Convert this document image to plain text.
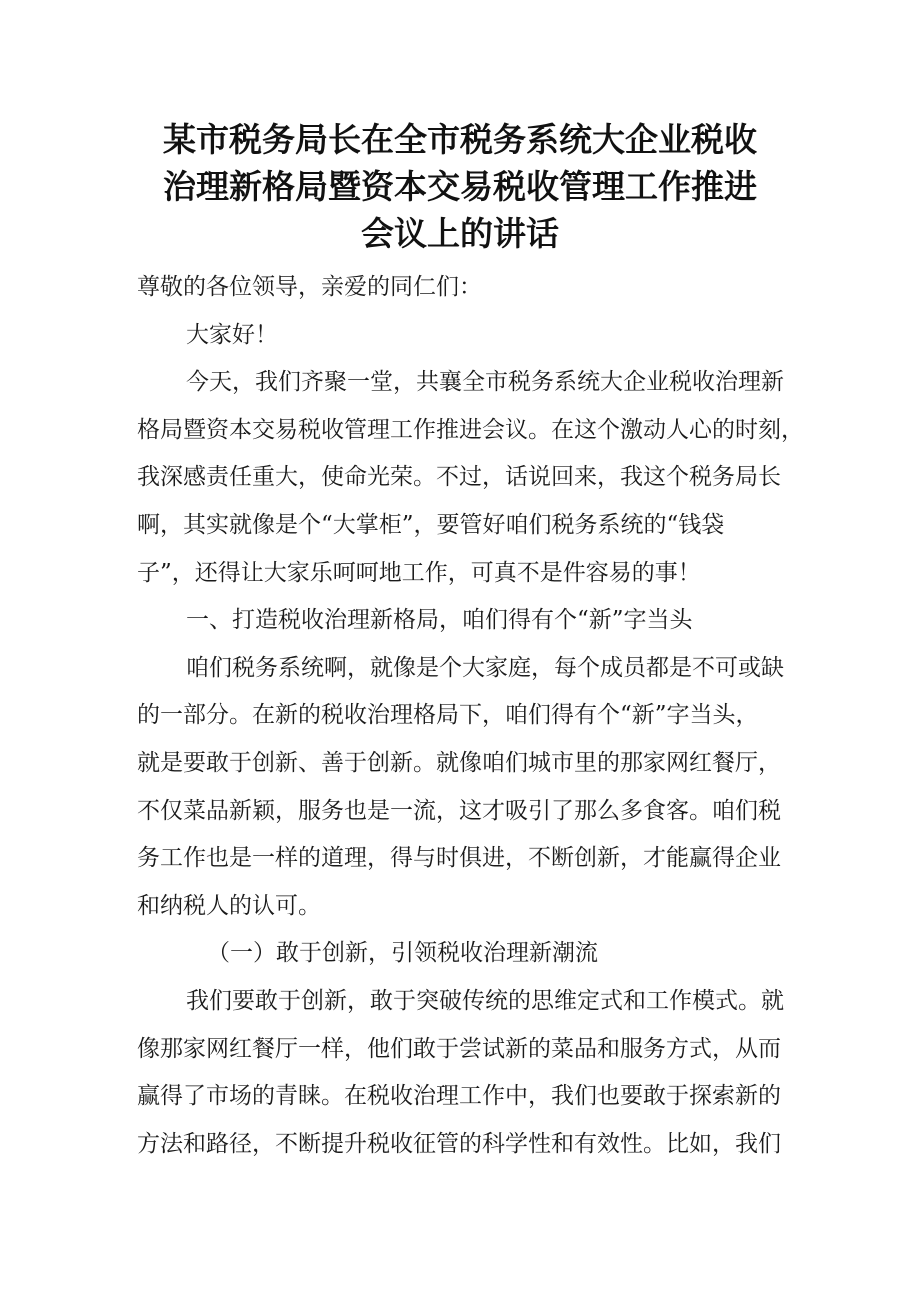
某市税务局长在全市税务系统大企业税收
治理新格局暨资本交易税收管理工作推进
会议上的讲话
尊敬的各位领导，亲爱的同仁们：
大家好！
今天，我们齐聚一堂，共襄全市税务系统大企业税收治理新
格局暨资本交易税收管理工作推进会议。在这个激动人心的时刻，
我深感责任重大，使命光荣。不过，话说回来，我这个税务局长
啊，其实就像是个“大掌柜”，要管好咱们税务系统的“钱袋
子”，还得让大家乐呵呵地工作，可真不是件容易的事！
一、打造税收治理新格局，咱们得有个“新”字当头
咱们税务系统啊，就像是个大家庭，每个成员都是不可或缺
的一部分。在新的税收治理格局下，咱们得有个“新”字当头，
就是要敢于创新、善于创新。就像咱们城市里的那家网红餐厅，
不仅菜品新颖，服务也是一流，这才吸引了那么多食客。咱们税
务工作也是一样的道理，得与时俱进，不断创新，才能赢得企业
和纳税人的认可。
（一）敢于创新，引领税收治理新潮流
我们要敢于创新，敢于突破传统的思维定式和工作模式。就
像那家网红餐厅一样，他们敢于尝试新的菜品和服务方式，从而
赢得了市场的青睐。在税收治理工作中，我们也要敢于探索新的
方法和路径，不断提升税收征管的科学性和有效性。比如，我们
